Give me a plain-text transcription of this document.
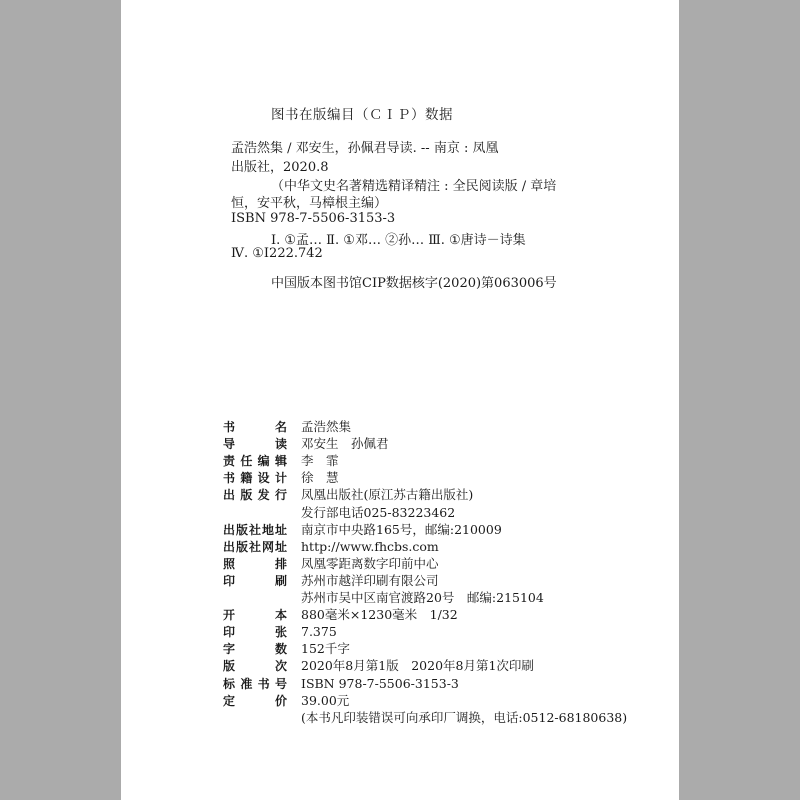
图书在版编目（ＣＩＰ）数据
孟浩然集 / 邓安生，孙佩君导读. -- 南京 : 凤凰
出版社，2020.8
（中华文史名著精选精译精注 : 全民阅读版 / 章培
恒，安平秋，马樟根主编）
ISBN 978-7-5506-3153-3
Ⅰ. ①孟… Ⅱ. ①邓… ②孙… Ⅲ. ①唐诗－诗集
Ⅳ. ①I222.742
中国版本图书馆CIP数据核字(2020)第063006号
书	名 孟浩然集
导	读 邓安生　孙佩君
责 任 编 辑 李　霏
书 籍 设 计 徐　慧
出 版 发 行 凤凰出版社(原江苏古籍出版社)
发行部电话025-83223462
出 版 社 地 址 南京市中央路165号，邮编:210009
出 版 社 网 址 http://www.fhcbs.com
照	排 凤凰零距离数字印前中心
印	刷 苏州市越洋印刷有限公司
苏州市吴中区南官渡路20号　邮编:215104
开	本 880毫米×1230毫米　1/32
印	张 7.375
字	数 152千字
版	次 2020年8月第1版　2020年8月第1次印刷
标 准 书 号 ISBN 978-7-5506-3153-3
定	价 39.00元
(本书凡印装错误可向承印厂调换，电话:0512-68180638)
